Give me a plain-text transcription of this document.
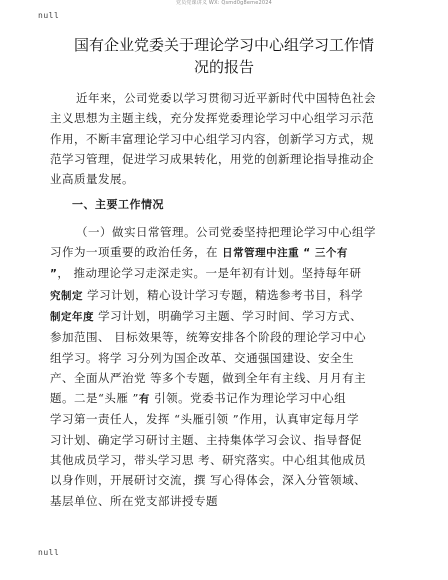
党员党课讲义 WX: Qsmd0g8eme2024
null
国有企业党委关于理论学习中心组学习工作情
况的报告
近年来，公司党委以学习贯彻习近平新时代中国特色社会
主义思想为主题主线，充分发挥党委理论学习中心组学习示范
作用，不断丰富理论学习中心组学习内容，创新学习方式，规
范学习管理，促进学习成果转化，用党的创新理论指导推动企
业高质量发展。
一、主要工作情况
（一）做实日常管理。公司党委坚持把理论学习中心组学
习作为一项重要的政治任务，在 日常管理中注重 “ 三个有
”， 推动理论学习走深走实。一是年初有计划。坚持每年研
究制定 学习计划，精心设计学习专题，精选参考书目，科学
制定年度 学习计划，明确学习主题、学习时间、学习方式、
参加范围、 目标效果等，统筹安排各个阶段的理论学习中心
组学习。将学 习分列为国企改革、交通强国建设、安全生
产、全面从严治党 等多个专题，做到全年有主线、月月有主
题。二是“头雁 ”有 引领。党委书记作为理论学习中心组
学习第一责任人，发挥 “头雁引领 ”作用，认真审定每月学
习计划、确定学习研讨主题、主持集体学习会议、指导督促
其他成员学习，带头学习思 考、研究落实。中心组其他成员
以身作则，开展研讨交流，撰 写心得体会，深入分管领域、
基层单位、所在党支部讲授专题
null
